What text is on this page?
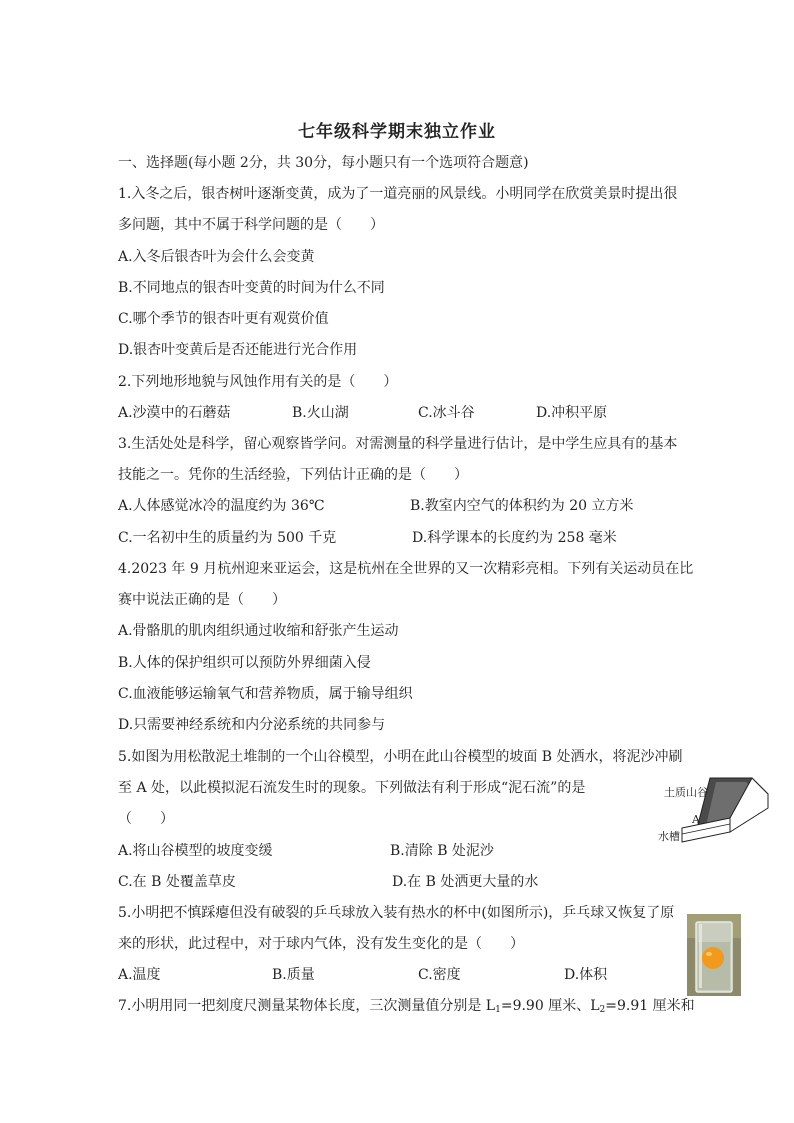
七年级科学期末独立作业
一、选择题(每小题 2分，共 30分，每小题只有一个选项符合题意)
1.入冬之后，银杏树叶逐渐变黄，成为了一道亮丽的风景线。小明同学在欣赏美景时提出很
多问题，其中不属于科学问题的是（　　）
A.入冬后银杏叶为会什么会变黄
B.不同地点的银杏叶变黄的时间为什么不同
C.哪个季节的银杏叶更有观赏价值
D.银杏叶变黄后是否还能进行光合作用
2.下列地形地貌与风蚀作用有关的是（　　）
A.沙漠中的石蘑菇	B.火山湖	C.冰斗谷	D.冲积平原
3.生活处处是科学，留心观察皆学问。对需测量的科学量进行估计，是中学生应具有的基本
技能之一。凭你的生活经验，下列估计正确的是（　　）
A.人体感觉冰冷的温度约为 36℃	B.教室内空气的体积约为 20 立方米
C.一名初中生的质量约为 500 千克	D.科学课本的长度约为 258 毫米
4.2023 年 9 月杭州迎来亚运会，这是杭州在全世界的又一次精彩亮相。下列有关运动员在比
赛中说法正确的是（　　）
A.骨骼肌的肌肉组织通过收缩和舒张产生运动
B.人体的保护组织可以预防外界细菌入侵
C.血液能够运输氧气和营养物质，属于输导组织
D.只需要神经系统和内分泌系统的共同参与
5.如图为用松散泥土堆制的一个山谷模型，小明在此山谷模型的坡面 B 处洒水，将泥沙冲刷
至 A 处，以此模拟泥石流发生时的现象。下列做法有利于形成“泥石流”的是
（　　）
A.将山谷模型的坡度变缓	B.清除 B 处泥沙
C.在 B 处覆盖草皮	D.在 B 处洒更大量的水
土质山谷
水槽
A
5.小明把不慎踩瘪但没有破裂的乒乓球放入装有热水的杯中(如图所示)，乒乓球又恢复了原
来的形状，此过程中，对于球内气体，没有发生变化的是（　　）
A.温度	B.质量	C.密度	D.体积
7.小明用同一把刻度尺测量某物体长度，三次测量值分别是 $L_1=9.90$ 厘米、$L_2=9.91$ 厘米和
